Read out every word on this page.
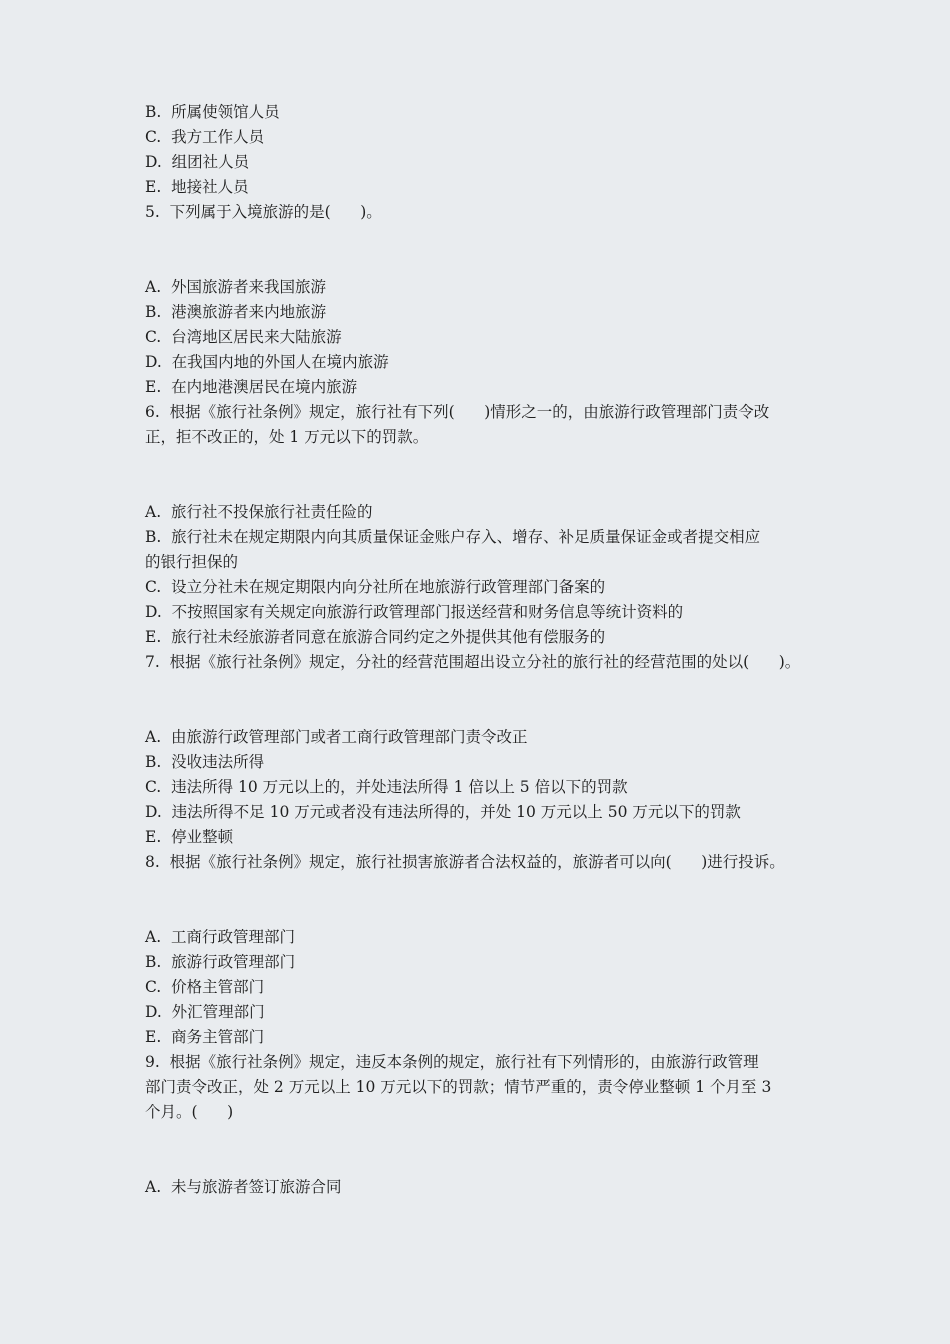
B.  所属使领馆人员
C.  我方工作人员
D.  组团社人员
E.  地接社人员
5.  下列属于入境旅游的是(      )。
A.  外国旅游者来我国旅游
B.  港澳旅游者来内地旅游
C.  台湾地区居民来大陆旅游
D.  在我国内地的外国人在境内旅游
E.  在内地港澳居民在境内旅游
6.  根据《旅行社条例》规定，旅行社有下列(      )情形之一的，由旅游行政管理部门责令改
正，拒不改正的，处 1 万元以下的罚款。
A.  旅行社不投保旅行社责任险的
B.  旅行社未在规定期限内向其质量保证金账户存入、增存、补足质量保证金或者提交相应
的银行担保的
C.  设立分社未在规定期限内向分社所在地旅游行政管理部门备案的
D.  不按照国家有关规定向旅游行政管理部门报送经营和财务信息等统计资料的
E.  旅行社未经旅游者同意在旅游合同约定之外提供其他有偿服务的
7.  根据《旅行社条例》规定，分社的经营范围超出设立分社的旅行社的经营范围的处以(      )。
A.  由旅游行政管理部门或者工商行政管理部门责令改正
B.  没收违法所得
C.  违法所得 10 万元以上的，并处违法所得 1 倍以上 5 倍以下的罚款
D.  违法所得不足 10 万元或者没有违法所得的，并处 10 万元以上 50 万元以下的罚款
E.  停业整顿
8.  根据《旅行社条例》规定，旅行社损害旅游者合法权益的，旅游者可以向(      )进行投诉。
A.  工商行政管理部门
B.  旅游行政管理部门
C.  价格主管部门
D.  外汇管理部门
E.  商务主管部门
9.  根据《旅行社条例》规定，违反本条例的规定，旅行社有下列情形的，由旅游行政管理
部门责令改正，处 2 万元以上 10 万元以下的罚款；情节严重的，责令停业整顿 1 个月至 3
个月。(      )
A.  未与旅游者签订旅游合同
